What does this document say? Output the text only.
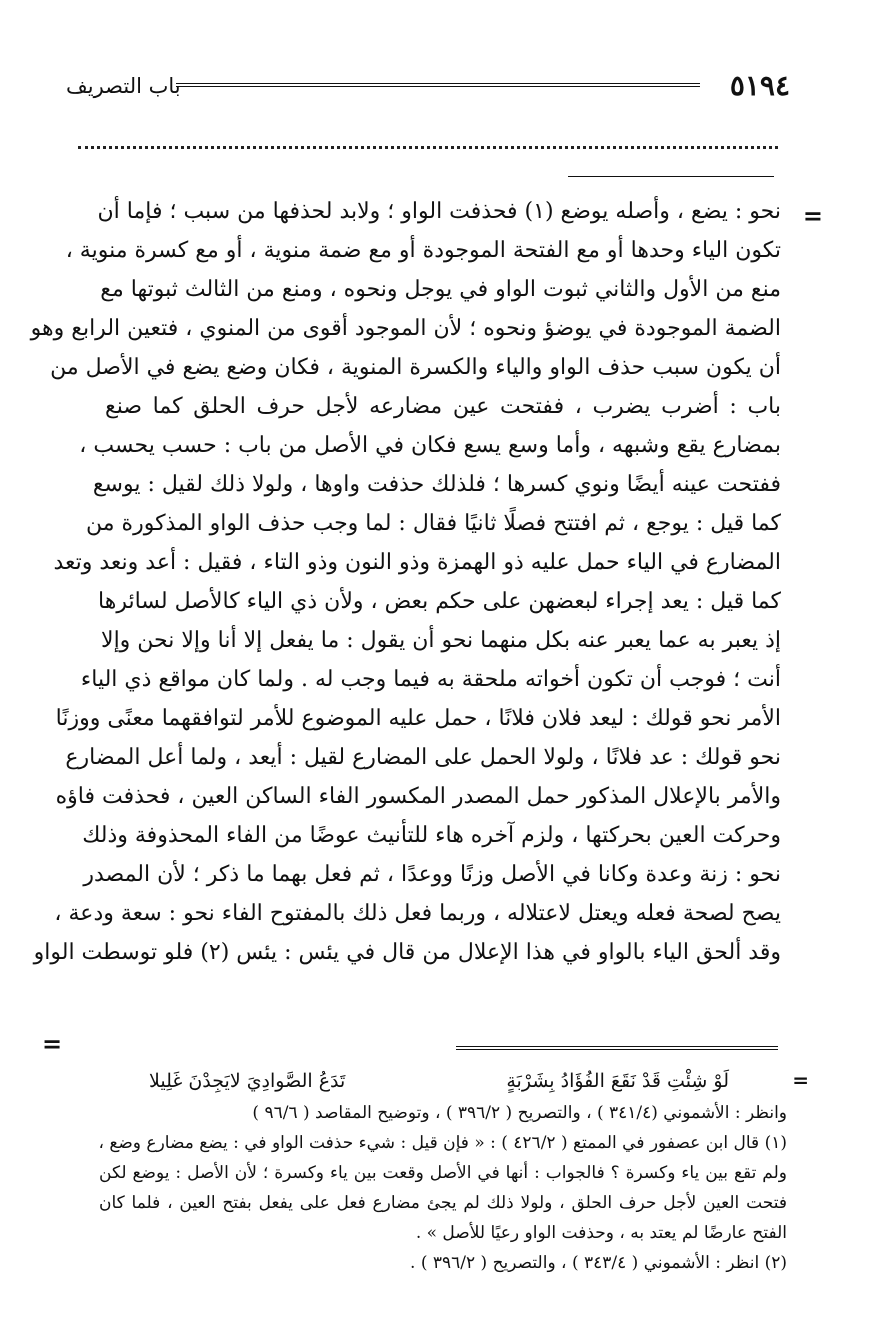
٥١٩٤
باب التصريف
=
نحو : يضع ، وأصله يوضع (١) فحذفت الواو ؛ ولابد لحذفها من سبب ؛ فإما أن
تكون الياء وحدها أو مع الفتحة الموجودة أو مع ضمة منوية ، أو مع كسرة منوية ،
منع من الأول والثاني ثبوت الواو في يوجل ونحوه ، ومنع من الثالث ثبوتها مع
الضمة الموجودة في يوضؤ ونحوه ؛ لأن الموجود أقوى من المنوي ، فتعين الرابع وهو
أن يكون سبب حذف الواو والياء والكسرة المنوية ، فكان وضع يضع في الأصل من
باب : أضرب يضرب ، ففتحت عين مضارعه لأجل حرف الحلق كما صنع
بمضارع يقع وشبهه ، وأما وسع يسع فكان في الأصل من باب : حسب يحسب ،
ففتحت عينه أيضًا ونوي كسرها ؛ فلذلك حذفت واوها ، ولولا ذلك لقيل : يوسع
كما قيل : يوجع ، ثم افتتح فصلًا ثانيًا فقال : لما وجب حذف الواو المذكورة من
المضارع في الياء حمل عليه ذو الهمزة وذو النون وذو التاء ، فقيل : أعد ونعد وتعد
كما قيل : يعد إجراء لبعضهن على حكم بعض ، ولأن ذي الياء كالأصل لسائرها
إذ يعبر به عما يعبر عنه بكل منهما نحو أن يقول : ما يفعل إلا أنا وإلا نحن وإلا
أنت ؛ فوجب أن تكون أخواته ملحقة به فيما وجب له . ولما كان مواقع ذي الياء
الأمر نحو قولك : ليعد فلان فلانًا ، حمل عليه الموضوع للأمر لتوافقهما معنًى ووزنًا
نحو قولك : عد فلانًا ، ولولا الحمل على المضارع لقيل : أيعد ، ولما أعل المضارع
والأمر بالإعلال المذكور حمل المصدر المكسور الفاء الساكن العين ، فحذفت فاؤه
وحركت العين بحركتها ، ولزم آخره هاء للتأنيث عوضًا من الفاء المحذوفة وذلك
نحو : زنة وعدة وكانا في الأصل وزنًا ووعدًا ، ثم فعل بهما ما ذكر ؛ لأن المصدر
يصح لصحة فعله ويعتل لاعتلاله ، وربما فعل ذلك بالمفتوح الفاء نحو : سعة ودعة ،
وقد ألحق الياء بالواو في هذا الإعلال من قال في يئس : يئس (٢) فلو توسطت الواو
=
=
لَوْ شِئْتِ قَدْ نَقَعَ الفُؤَادُ بِشَرْبَةٍ
تَدَعُ الصَّوادِيَ لايَجِدْنَ غَلِيلا
وانظر : الأشموني (٣٤١/٤ ) ، والتصريح ( ٣٩٦/٢ ) ، وتوضيح المقاصد ( ٩٦/٦ )
(١) قال ابن عصفور في الممتع ( ٤٢٦/٢ ) : « فإن قيل : شيء حذفت الواو في : يضع مضارع وضع ،
ولم تقع بين ياء وكسرة ؟ فالجواب : أنها في الأصل وقعت بين ياء وكسرة ؛ لأن الأصل : يوضع لكن
فتحت العين لأجل حرف الحلق ، ولولا ذلك لم يجئ مضارع فعل على يفعل بفتح العين ، فلما كان
الفتح عارضًا لم يعتد به ، وحذفت الواو رعيًا للأصل » .
(٢) انظر : الأشموني ( ٣٤٣/٤ ) ، والتصريح ( ٣٩٦/٢ ) .
